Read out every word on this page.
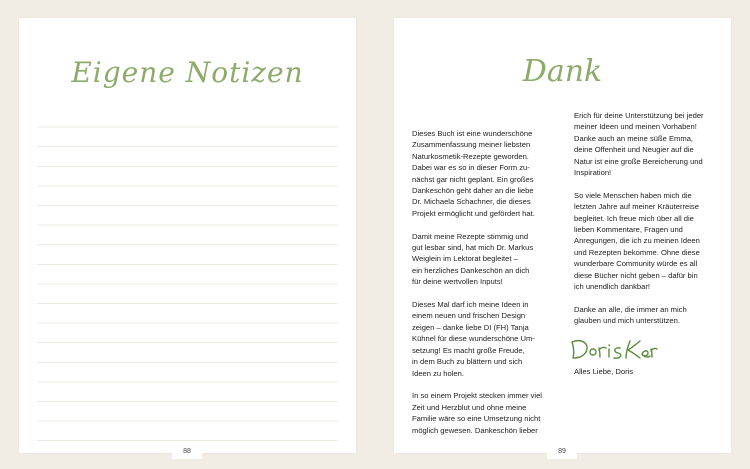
Eigene Notizen
88
Dank

Dieses Buch ist eine wunderschöne
Zusammenfassung meiner liebsten
Naturkosmetik-Rezepte geworden.
Dabei war es so in dieser Form zu-
nächst gar nicht geplant. Ein großes
Dankeschön geht daher an die liebe
Dr. Michaela Schachner, die dieses
Projekt ermöglicht und gefördert hat.

Damit meine Rezepte stimmig und
gut lesbar sind, hat mich Dr. Markus
Weiglein im Lektorat begleitet –
ein herzliches Dankeschön an dich
für deine wertvollen Inputs!

Dieses Mal darf ich meine Ideen in
einem neuen und frischen Design
zeigen – danke liebe DI (FH) Tanja
Kühnel für diese wunderschöne Um-
setzung! Es macht große Freude,
in dem Buch zu blättern und sich
Ideen zu holen.

In so einem Projekt stecken immer viel
Zeit und Herzblut und ohne meine
Familie wäre so eine Umsetzung nicht
möglich gewesen. Dankeschön lieber

Erich für deine Unterstützung bei jeder
meiner Ideen und meinen Vorhaben!
Danke auch an meine süße Emma,
deine Offenheit und Neugier auf die
Natur ist eine große Bereicherung und
Inspiration!

So viele Menschen haben mich die
letzten Jahre auf meiner Kräuterreise
begleitet. Ich freue mich über all die
lieben Kommentare, Fragen und
Anregungen, die ich zu meinen Ideen
und Rezepten bekomme. Ohne diese
wunderbare Community würde es all
diese Bücher nicht geben – dafür bin
ich unendlich dankbar!

Danke an alle, die immer an mich
glauben und mich unterstützen.

Alles Liebe, Doris

89
